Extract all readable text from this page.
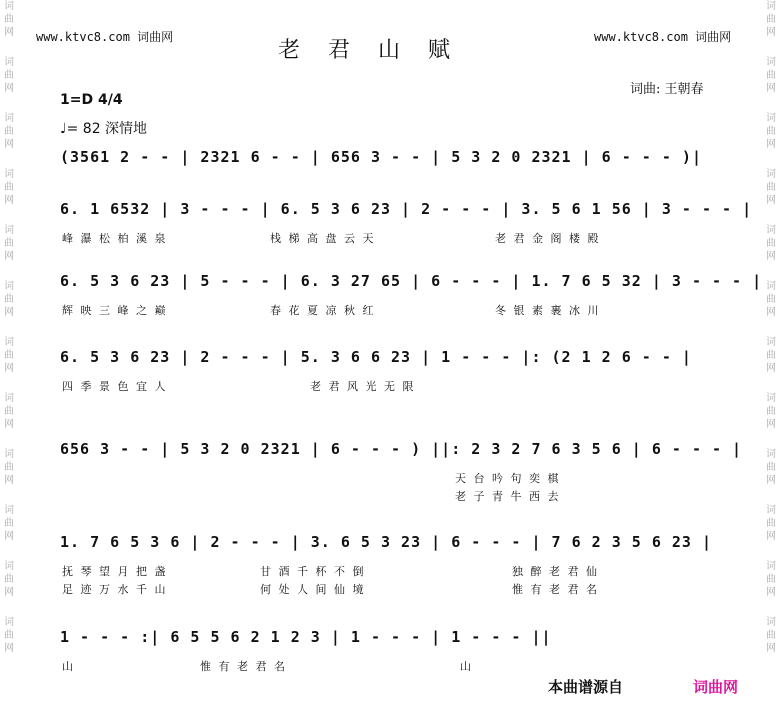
词
曲
网
词
曲
网
词
曲
网
词
曲
网
词
曲
网
词
曲
网
词
曲
网
词
曲
网
词
曲
网
词
曲
网
词
曲
网
词
曲
网
词
曲
网
词
曲
网
词
曲
网
词
曲
网
词
曲
网
词
曲
网
词
曲
网
词
曲
网
词
曲
网
词
曲
网
词
曲
网
词
曲
网
www.ktvc8.com 词曲网	www.ktvc8.com 词曲网
老君山赋
词曲: 王朝春
1=D 4/4
♩= 82 深情地
(3561 2 - - | 2321 6 - - | 656 3 - - | 5 3 2 0 2321 | 6 - - - )|
6. 1 6532 | 3 - - - | 6. 5 3 6 23 | 2 - - - | 3. 5 6 1 56 | 3 - - - |
峰 瀑 松 柏 溪 泉	栈 梯 高 盘 云 天	老 君 金 阁 楼 殿
6. 5 3 6 23 | 5 - - - | 6. 3 27 65 | 6 - - - | 1. 7 6 5 32 | 3 - - - |
辉 映 三 峰 之 巅	春 花 夏 凉 秋 红	冬 银 素 裹 冰 川
6. 5 3 6 23 | 2 - - - | 5. 3 6 6 23 | 1 - - - |: (2 1 2 6 - - |
四 季 景 色 宜 人	老 君 风 光 无 限
656 3 - - | 5 3 2 0 2321 | 6 - - - ) ||: 2 3 2 7 6 3 5 6 | 6 - - - |
天 台 吟 句 奕 棋
老 子 青 牛 西 去
1. 7 6 5 3 6 | 2 - - - | 3. 6 5 3 23 | 6 - - - | 7 6 2 3 5 6 23 |
抚 琴 望 月 把 盏	甘 酒 千 杯 不 倒	独 醉 老 君 仙
足 迹 万 水 千 山	何 处 人 间 仙 境	惟 有 老 君 名
1 - - - :| 6 5 5 6 2 1 2 3 | 1 - - - | 1 - - - ||
山	惟 有 老 君 名	山
本曲谱源自	词曲网
